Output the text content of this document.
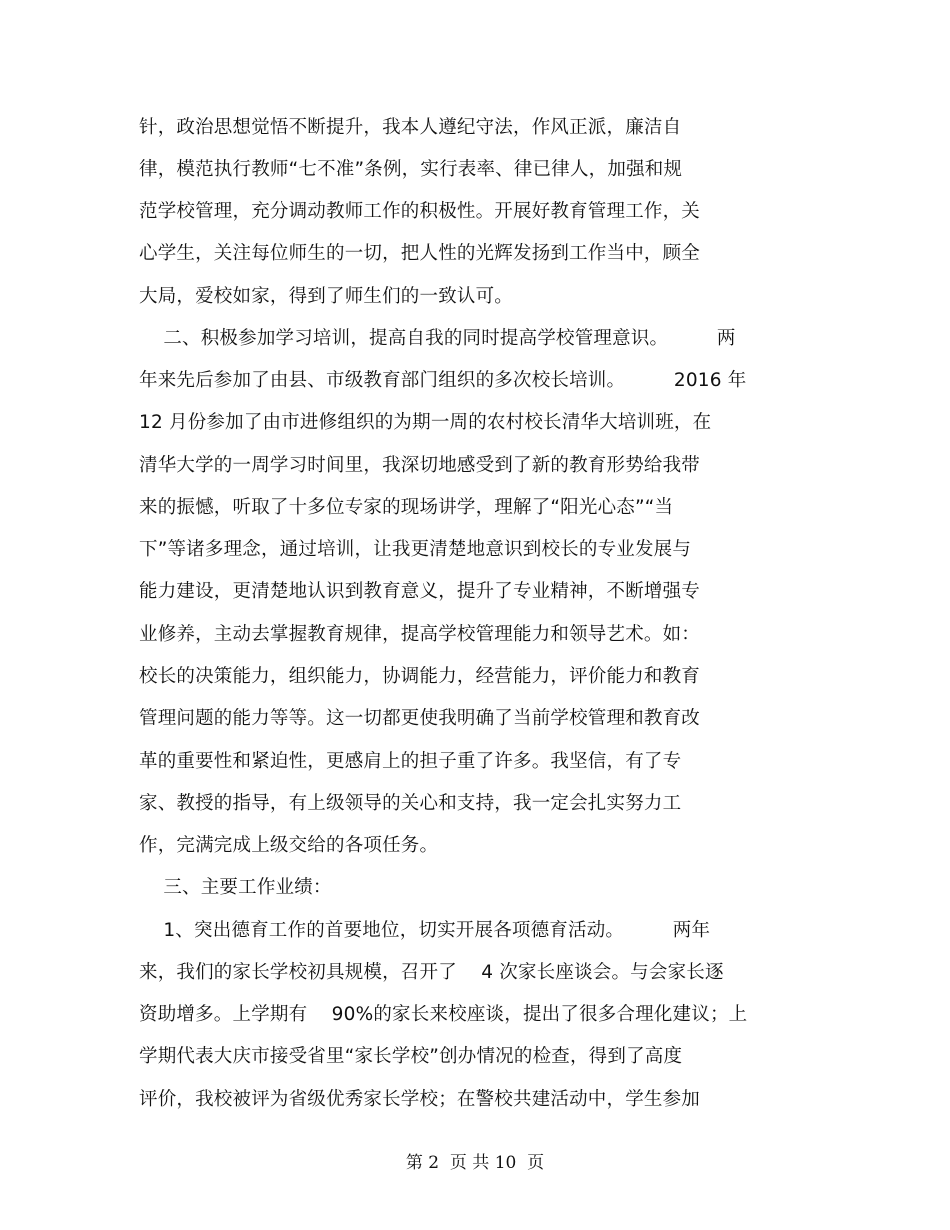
针，政治思想觉悟不断提升，我本人遵纪守法，作风正派，廉洁自
律，模范执行教师“七不准”条例，实行表率、律已律人，加强和规
范学校管理，充分调动教师工作的积极性。开展好教育管理工作，关
心学生，关注每位师生的一切，把人性的光辉发扬到工作当中，顾全
大局，爱校如家，得到了师生们的一致认可。
二、积极参加学习培训，提高自我的同时提高学校管理意识。        两
年来先后参加了由县、市级教育部门组织的多次校长培训。        2016 年
12 月份参加了由市进修组织的为期一周的农村校长清华大培训班，在
清华大学的一周学习时间里，我深切地感受到了新的教育形势给我带
来的振憾，听取了十多位专家的现场讲学，理解了“阳光心态”“当
下”等诸多理念，通过培训，让我更清楚地意识到校长的专业发展与
能力建设，更清楚地认识到教育意义，提升了专业精神，不断增强专
业修养，主动去掌握教育规律，提高学校管理能力和领导艺术。如：
校长的决策能力，组织能力，协调能力，经营能力，评价能力和教育
管理问题的能力等等。这一切都更使我明确了当前学校管理和教育改
革的重要性和紧迫性，更感肩上的担子重了许多。我坚信，有了专
家、教授的指导，有上级领导的关心和支持，我一定会扎实努力工
作，完满完成上级交给的各项任务。
三、主要工作业绩：
1、突出德育工作的首要地位，切实开展各项德育活动。        两年
来，我们的家长学校初具规模，召开了    4 次家长座谈会。与会家长逐
资助增多。上学期有    90%的家长来校座谈，提出了很多合理化建议；上
学期代表大庆市接受省里“家长学校”创办情况的检查，得到了高度
评价，我校被评为省级优秀家长学校；在警校共建活动中，学生参加
第 2  页 共 10  页
